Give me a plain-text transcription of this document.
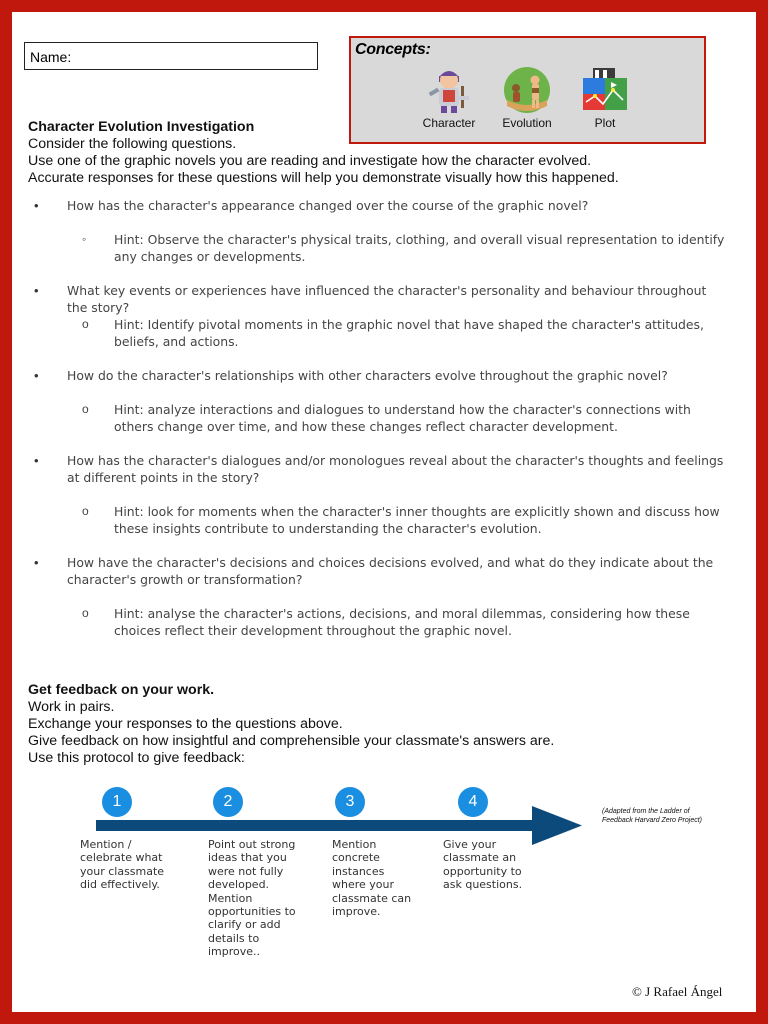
Name:	Concepts:
Character	Evolution	Plot
Character Evolution Investigation
Consider the following questions.
Use one of the graphic novels you are reading and investigate how the character evolved.
Accurate responses for these questions will help you demonstrate visually how this happened.
• How has the character's appearance changed over the course of the graphic novel?
◦ Hint: Observe the character's physical traits, clothing, and overall visual representation to identify any changes or developments.
• What key events or experiences have influenced the character's personality and behaviour throughout the story?
o Hint: Identify pivotal moments in the graphic novel that have shaped the character's attitudes, beliefs, and actions.
• How do the character's relationships with other characters evolve throughout the graphic novel?
o Hint: analyze interactions and dialogues to understand how the character's connections with others change over time, and how these changes reflect character development.
• How has the character's dialogues and/or monologues reveal about the character's thoughts and feelings at different points in the story?
o Hint: look for moments when the character's inner thoughts are explicitly shown and discuss how these insights contribute to understanding the character's evolution.
• How have the character's decisions and choices decisions evolved, and what do they indicate about the character's growth or transformation?
o Hint: analyse the character's actions, decisions, and moral dilemmas, considering how these choices reflect their development throughout the graphic novel.
Get feedback on your work.
Work in pairs.
Exchange your responses to the questions above.
Give feedback on how insightful and comprehensible your classmate's answers are.
Use this protocol to give feedback:
1	2	3	4
Mention / celebrate what your classmate did effectively.
Point out strong ideas that you were not fully developed. Mention opportunities to clarify or add details to improve..
Mention concrete instances where your classmate can improve.
Give your classmate an opportunity to ask questions.
(Adapted from the Ladder of Feedback Harvard Zero Project)
© J Rafael Ángel
